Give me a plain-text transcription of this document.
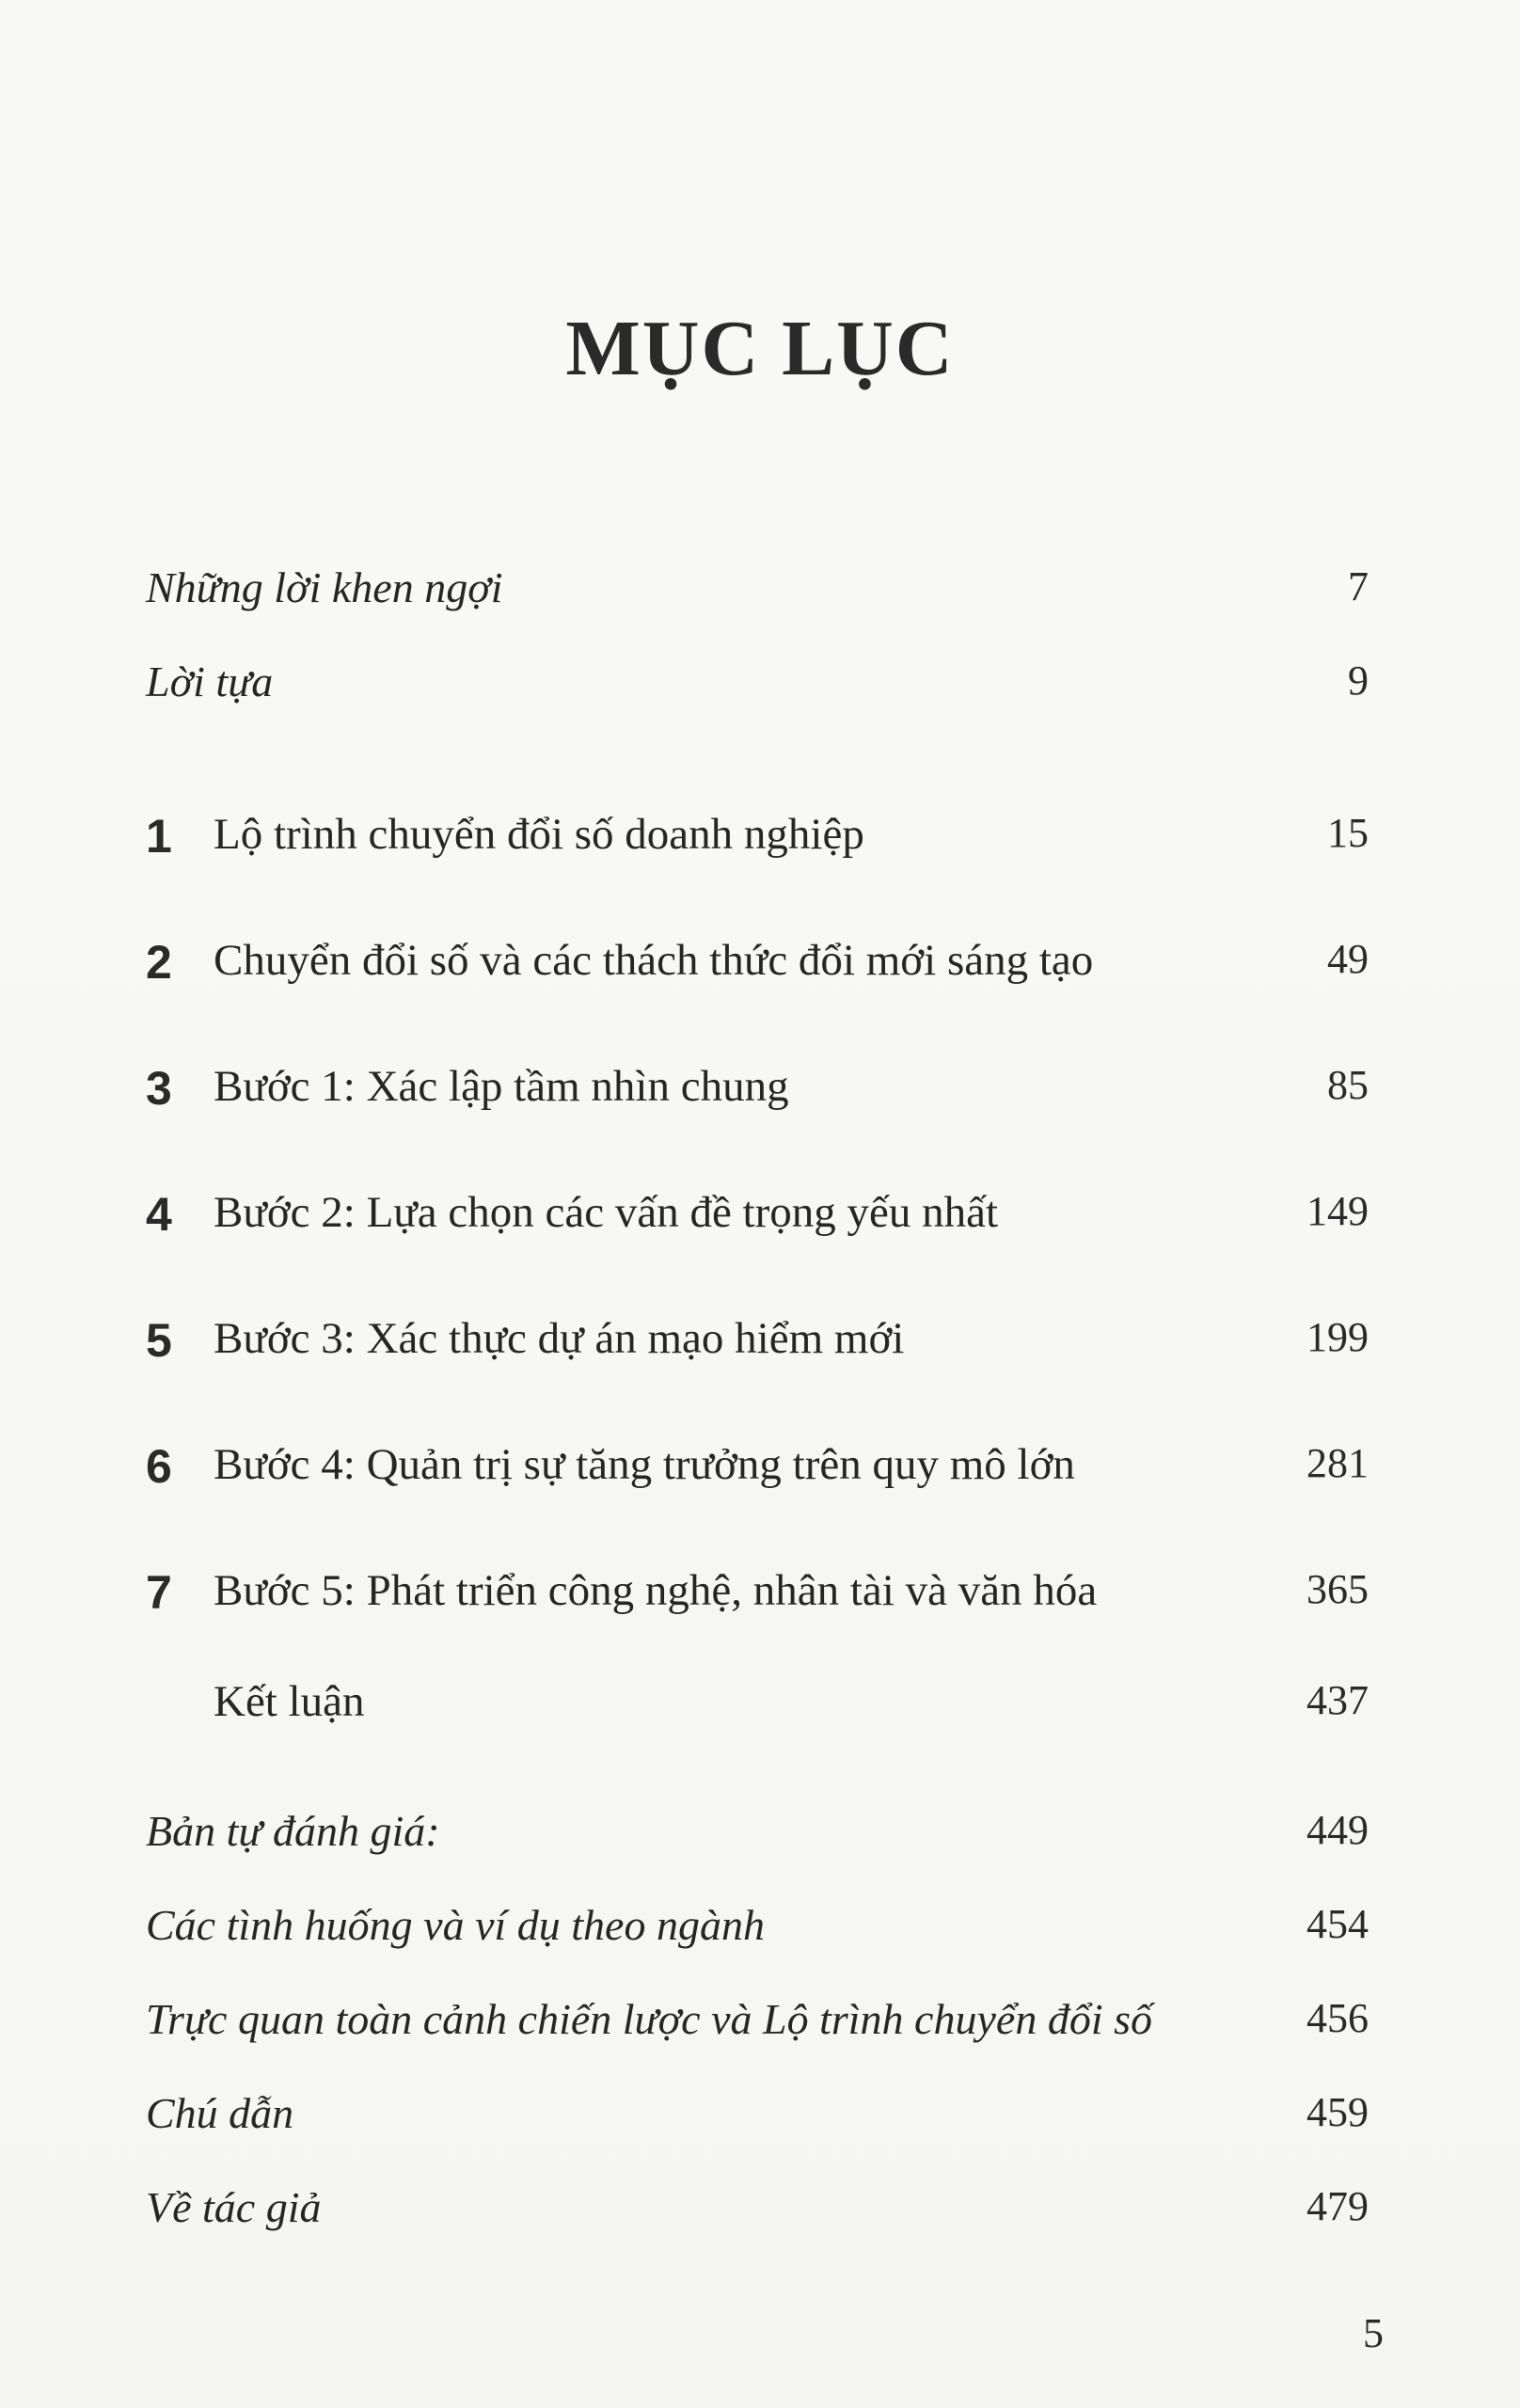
MỤC LỤC
Những lời khen ngợi	7
Lời tựa	9
1 Lộ trình chuyển đổi số doanh nghiệp	15
2 Chuyển đổi số và các thách thức đổi mới sáng tạo	49
3 Bước 1: Xác lập tầm nhìn chung	85
4 Bước 2: Lựa chọn các vấn đề trọng yếu nhất	149
5 Bước 3: Xác thực dự án mạo hiểm mới	199
6 Bước 4: Quản trị sự tăng trưởng trên quy mô lớn	281
7 Bước 5: Phát triển công nghệ, nhân tài và văn hóa	365
Kết luận	437
Bản tự đánh giá:	449
Các tình huống và ví dụ theo ngành	454
Trực quan toàn cảnh chiến lược và Lộ trình chuyển đổi số	456
Chú dẫn	459
Về tác giả	479
5
